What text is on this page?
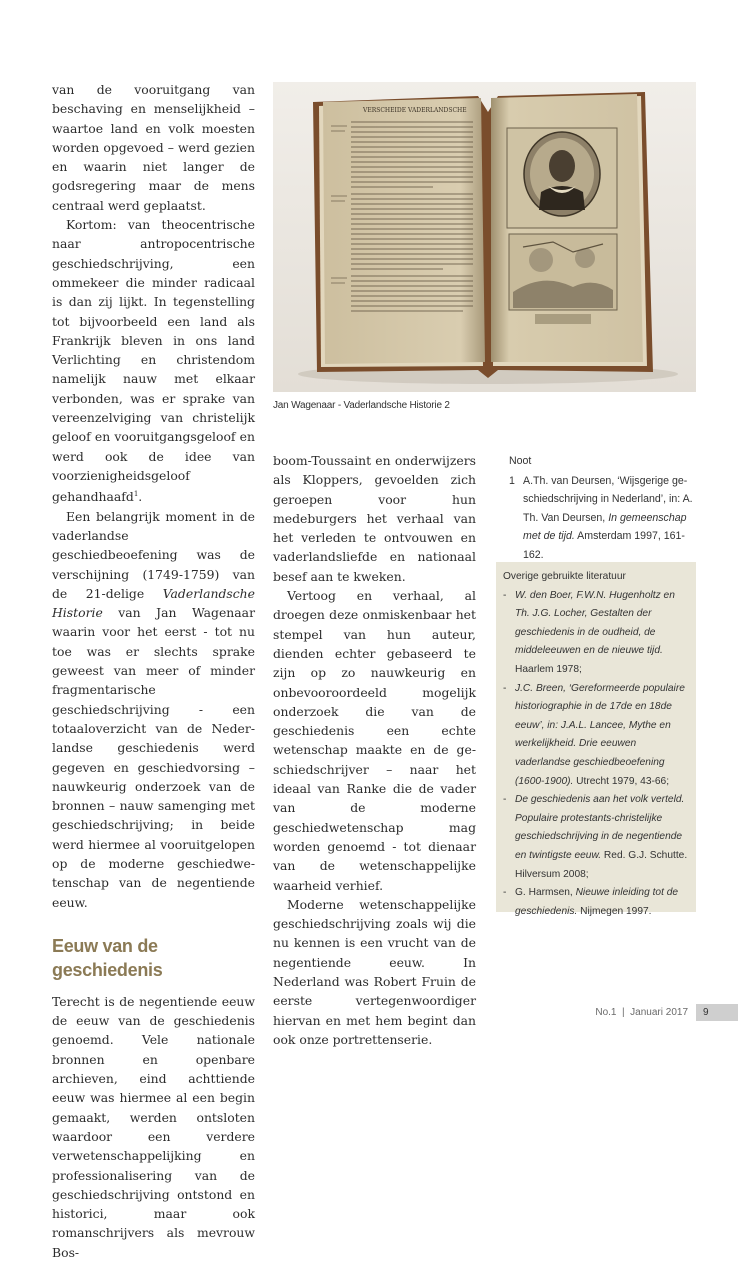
van de vooruitgang van beschaving en menselijkheid – waartoe land en volk moesten worden opgevoed – werd gezien en waarin niet langer de godsregering maar de mens centraal werd geplaatst.

Kortom: van theocentrische naar antropocentrische geschiedschrijving, een ommekeer die minder radicaal is dan zij lijkt. In tegenstelling tot bijvoorbeeld een land als Frankrijk bleven in ons land Verlichting en christendom namelijk nauw met elkaar verbonden, was er sprake van vereenzelviging van christelijk geloof en vooruitgangsgeloof en werd ook de idee van voorzienigheidsgeloof gehandhaafd$^1$.

Een belangrijk moment in de vaderlandse geschiedbeoefening was de verschijning (1749-1759) van de 21-delige Vaderlandsche Historie van Jan Wagenaar waarin voor het eerst - tot nu toe was er slechts sprake geweest van meer of minder fragmentarische geschiedschrijving - een totaaloverzicht van de Nederlandse geschiedenis werd gegeven en geschiedvorsing – nauwkeurig onderzoek van de bronnen – nauw samenging met geschiedschrijving; in beide werd hiermee al vooruitgelopen op de moderne geschiedwetenschap van de negentiende eeuw.

Eeuw van de geschiedenis

Terecht is de negentiende eeuw de eeuw van de geschiedenis genoemd. Vele nationale bronnen en openbare archieven, eind achttiende eeuw was hiermee al een begin gemaakt, werden ontsloten waardoor een verdere verwetenschappelijking en professionalisering van de geschiedschrijving ontstond en historici, maar ook romanschrijvers als mevrouw Bos-

VERSCHEIDE VADERLANDSCHE
Jan Wagenaar - Vaderlandsche Historie 2

boom-Toussaint en onderwijzers als Kloppers, gevoelden zich geroepen voor hun medeburgers het verhaal van het verleden te ontvouwen en vaderlandsliefde en nationaal besef aan te kweken.

Vertoog en verhaal, al droegen deze onmiskenbaar het stempel van hun auteur, dienden echter gebaseerd te zijn op zo nauwkeurig en onbevooroordeeld mogelijk onderzoek die van de geschiedenis een echte wetenschap maakte en de geschiedschrijver – naar het ideaal van Ranke die de vader van de moderne geschiedwetenschap mag worden genoemd - tot dienaar van de wetenschappelijke waarheid verhief.

Moderne wetenschappelijke geschiedschrijving zoals wij die nu kennen is een vrucht van de negentiende eeuw. In Nederland was Robert Fruin de eerste vertegenwoordiger hiervan en met hem begint dan ook onze portrettenserie.

Noot
1 A.Th. van Deursen, ‘Wijsgerige geschiedschrijving in Nederland’, in: A. Th. Van Deursen, In gemeenschap met de tijd. Amsterdam 1997, 161-162.
Overige gebruikte literatuur
- W. den Boer, F.W.N. Hugenholtz en Th. J.G. Locher, Gestalten der geschiedenis in de oudheid, de middeleeuwen en de nieuwe tijd. Haarlem 1978;
- J.C. Breen, ‘Gereformeerde populaire historiographie in de 17de en 18de eeuw’, in: J.A.L. Lancee, Mythe en werkelijkheid. Drie eeuwen vaderlandse geschiedbeoefening (1600-1900). Utrecht 1979, 43-66;
- De geschiedenis aan het volk verteld. Populaire protestants-christelijke geschiedschrijving in de negentiende en twintigste eeuw. Red. G.J. Schutte. Hilversum 2008;
- G. Harmsen, Nieuwe inleiding tot de geschiedenis. Nijmegen 1997.
No.1  |  Januari 2017	9
